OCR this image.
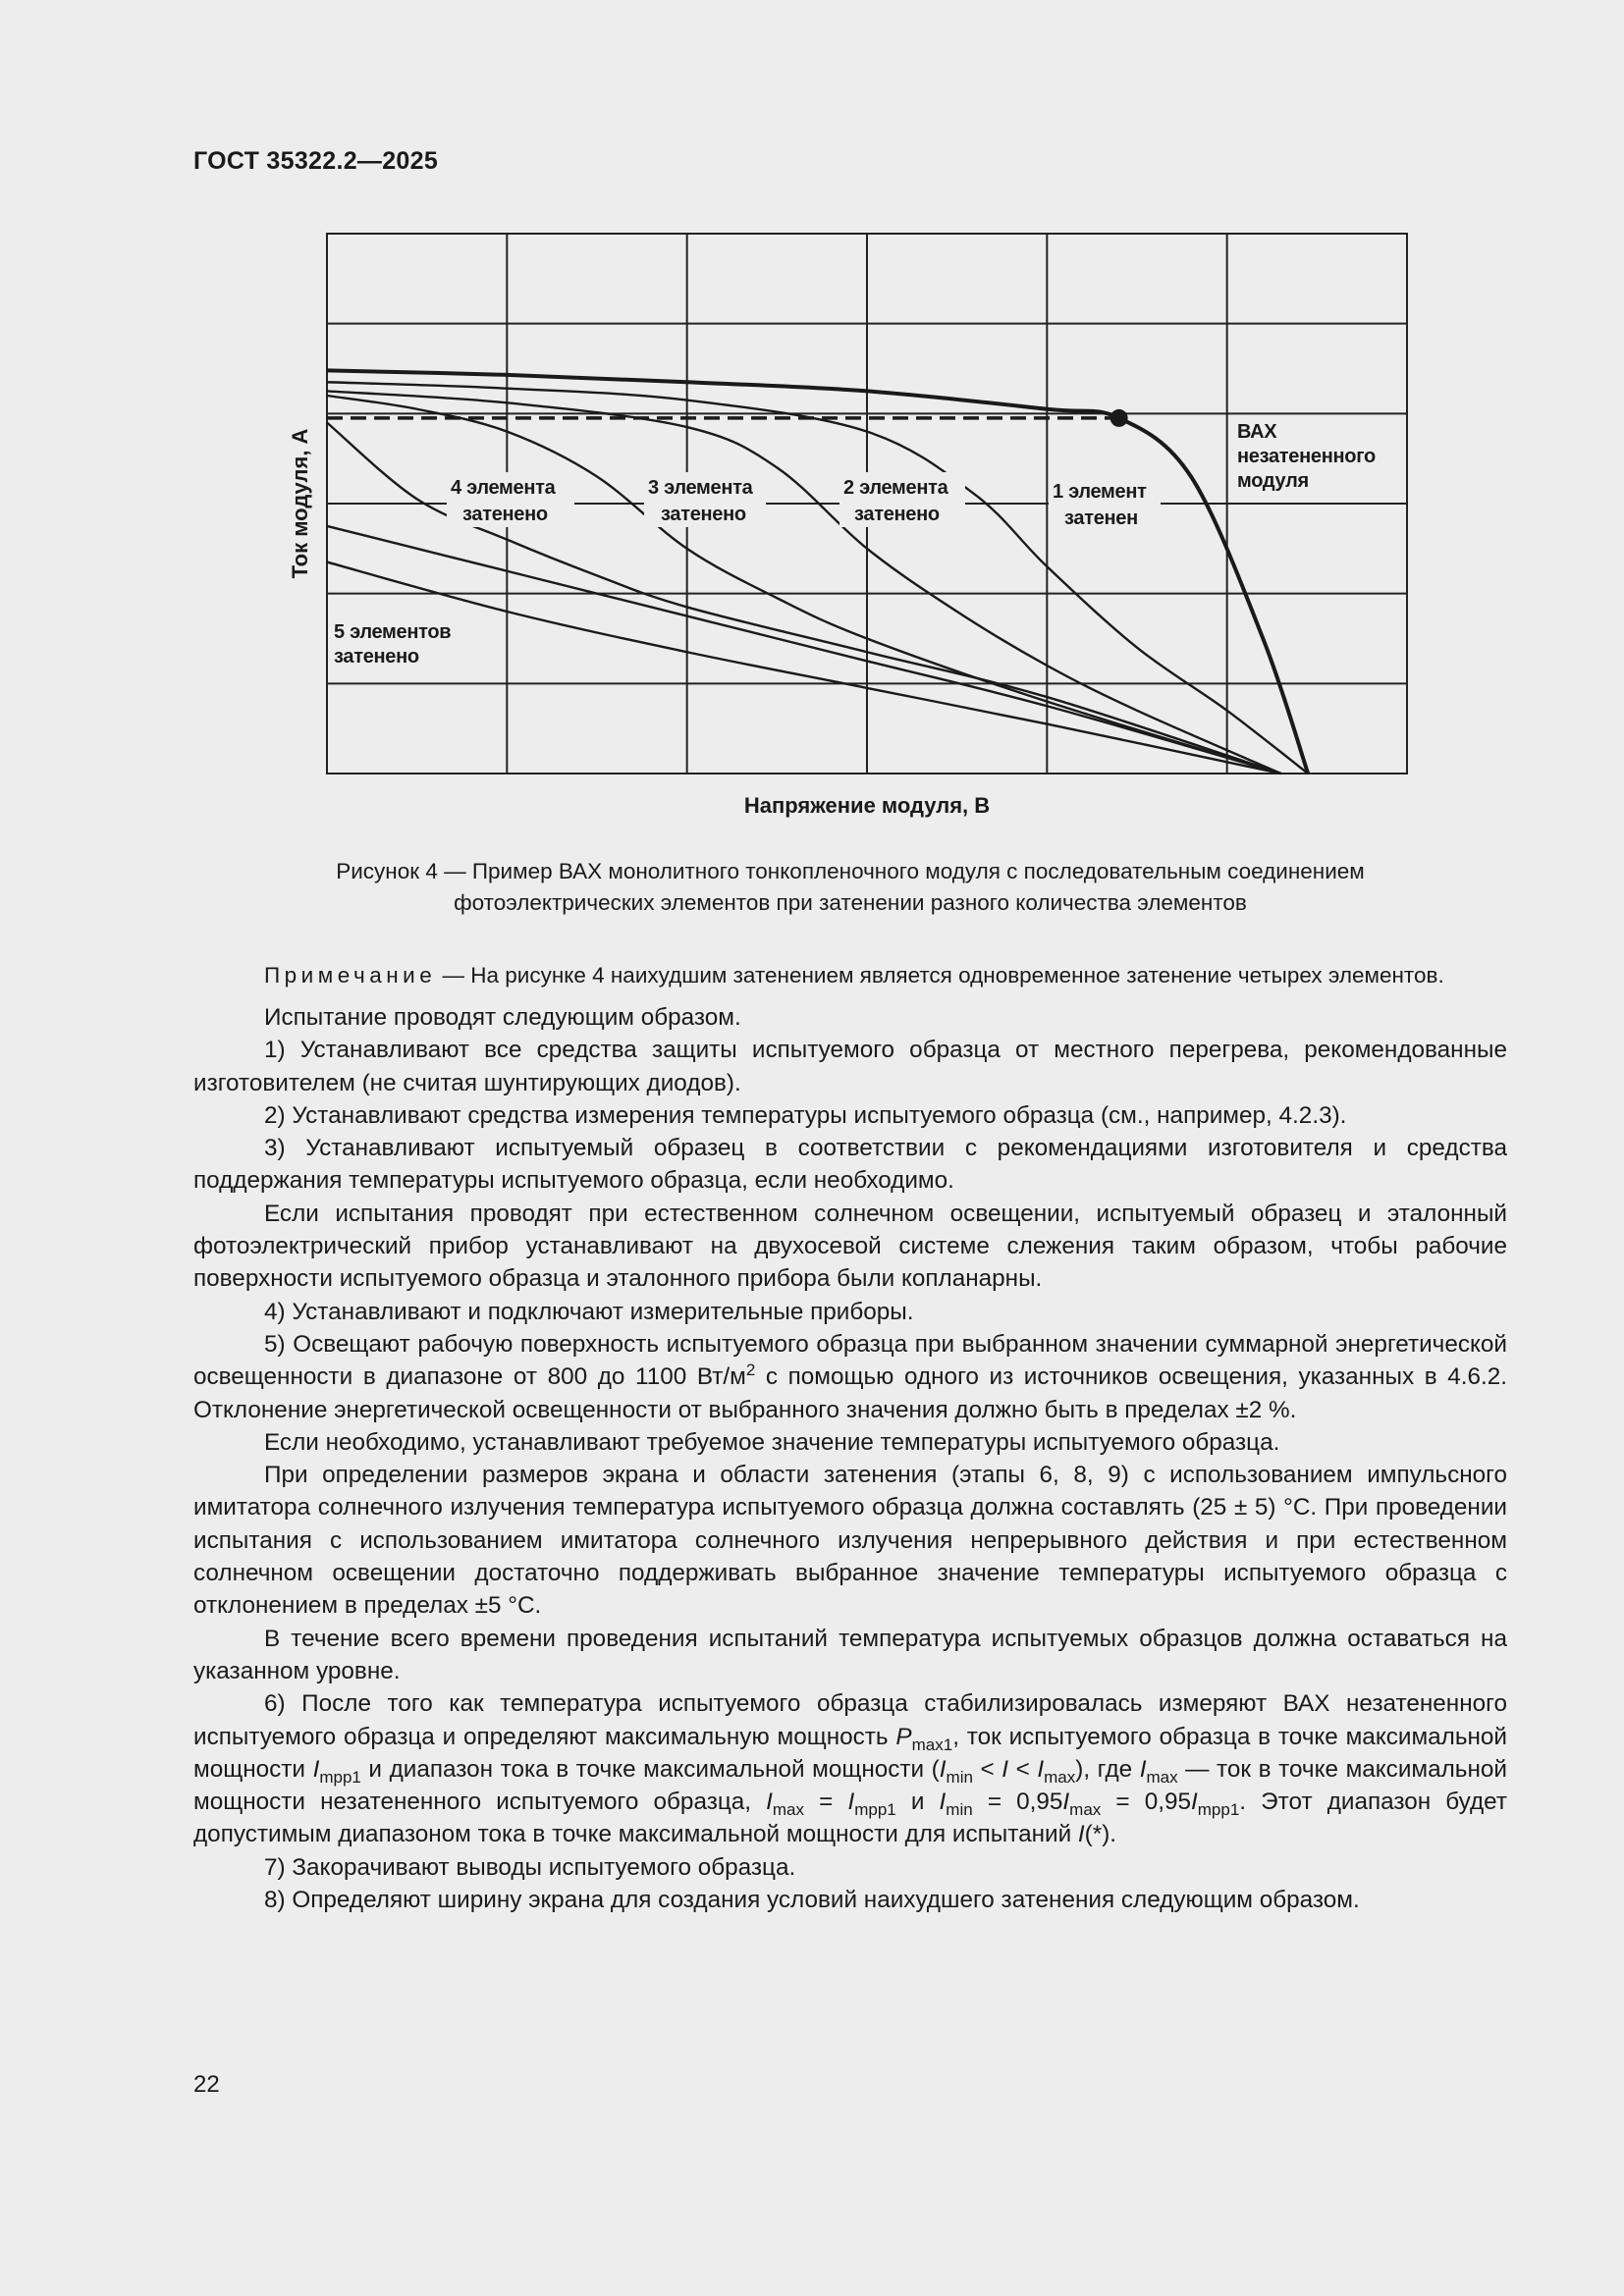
ГОСТ 35322.2—2025
ВАХ
незатененного
модуля
1 элемент
затенен
2 элемента
затенено
3 элемента
затенено
4 элемента
затенено
5 элементов
затенено
Напряжение модуля, В
Ток модуля, А
Рисунок 4 — Пример ВАХ монолитного тонкопленочного модуля с последовательным соединением
фотоэлектрических элементов при затенении разного количества элементов

Примечание — На рисунке 4 наихудшим затенением является одновременное затенение четырех элементов.

Испытание проводят следующим образом.

1) Устанавливают все средства защиты испытуемого образца от местного перегрева, рекомендованные изготовителем (не считая шунтирующих диодов).

2) Устанавливают средства измерения температуры испытуемого образца (см., например, 4.2.3).

3) Устанавливают испытуемый образец в соответствии с рекомендациями изготовителя и средства поддержания температуры испытуемого образца, если необходимо.

Если испытания проводят при естественном солнечном освещении, испытуемый образец и эталонный фотоэлектрический прибор устанавливают на двухосевой системе слежения таким образом, чтобы рабочие поверхности испытуемого образца и эталонного прибора были копланарны.

4) Устанавливают и подключают измерительные приборы.

5) Освещают рабочую поверхность испытуемого образца при выбранном значении суммарной энергетической освещенности в диапазоне от 800 до 1100 $Вт/м^2$ с помощью одного из источников освещения, указанных в 4.6.2. Отклонение энергетической освещенности от выбранного значения должно быть в пределах ±2 %.

Если необходимо, устанавливают требуемое значение температуры испытуемого образца.

При определении размеров экрана и области затенения (этапы 6, 8, 9) с использованием импульсного имитатора солнечного излучения температура испытуемого образца должна составлять (25 ± 5) °C. При проведении испытания с использованием имитатора солнечного излучения непрерывного действия и при естественном солнечном освещении достаточно поддерживать выбранное значение температуры испытуемого образца с отклонением в пределах ±5 °C.

В течение всего времени проведения испытаний температура испытуемых образцов должна оставаться на указанном уровне.

6) После того как температура испытуемого образца стабилизировалась измеряют ВАХ незатененного испытуемого образца и определяют максимальную мощность $P_{max1}$, ток испытуемого образца в точке максимальной мощности $I_{mpp1}$ и диапазон тока в точке максимальной мощности $(I_{min} < I < I_{max})$, где $I_{max}$ — ток в точке максимальной мощности незатененного испытуемого образца, $I_{max} = I_{mpp1}$ и $I_{min} = 0,95I_{max} = 0,95I_{mpp1}$. Этот диапазон будет допустимым диапазоном тока в точке максимальной мощности для испытаний I(*).

7) Закорачивают выводы испытуемого образца.

8) Определяют ширину экрана для создания условий наихудшего затенения следующим образом.

22
